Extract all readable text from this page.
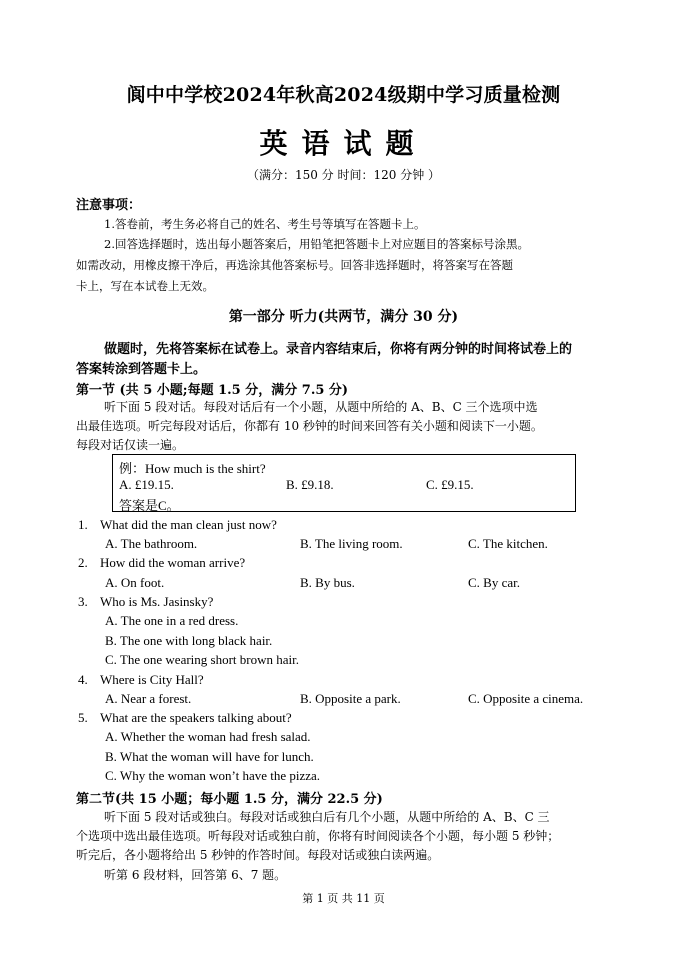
阆中中学校2024年秋高2024级期中学习质量检测
英语试题
（满分：150 分 时间：120 分钟 ）
注意事项：
1.答卷前，考生务必将自己的姓名、考生号等填写在答题卡上。
2.回答选择题时，选出每小题答案后，用铅笔把答题卡上对应题目的答案标号涂黑。
如需改动，用橡皮擦干净后，再选涂其他答案标号。回答非选择题时，将答案写在答题
卡上，写在本试卷上无效。
第一部分 听力(共两节，满分 30 分)
做题时，先将答案标在试卷上。录音内容结束后，你将有两分钟的时间将试卷上的
答案转涂到答题卡上。
第一节 (共 5 小题;每题 1.5 分，满分 7.5 分)
听下面 5 段对话。每段对话后有一个小题，从题中所给的 A、B、C 三个选项中选
出最佳选项。听完每段对话后，你都有 10 秒钟的时间来回答有关小题和阅读下一小题。
每段对话仅读一遍。
例：How much is the shirt?
A. £19.15.	B. £9.18.	C. £9.15.
答案是C。
1. What did the man clean just now?
A. The bathroom.	B. The living room.	C. The kitchen.
2. How did the woman arrive?
A. On foot.	B. By bus.	C. By car.
3. Who is Ms. Jasinsky?
A. The one in a red dress.
B. The one with long black hair.
C. The one wearing short brown hair.
4. Where is City Hall?
A. Near a forest.	B. Opposite a park.	C. Opposite a cinema.
5. What are the speakers talking about?
A. Whether the woman had fresh salad.
B. What the woman will have for lunch.
C. Why the woman won’t have the pizza.
第二节(共 15 小题；每小题 1.5 分，满分 22.5 分)
听下面 5 段对话或独白。每段对话或独白后有几个小题，从题中所给的 A、B、C 三
个选项中选出最佳选项。听每段对话或独白前，你将有时间阅读各个小题，每小题 5 秒钟；
听完后，各小题将给出 5 秒钟的作答时间。每段对话或独白读两遍。
听第 6 段材料，回答第 6、7 题。
第 1 页 共 11 页
